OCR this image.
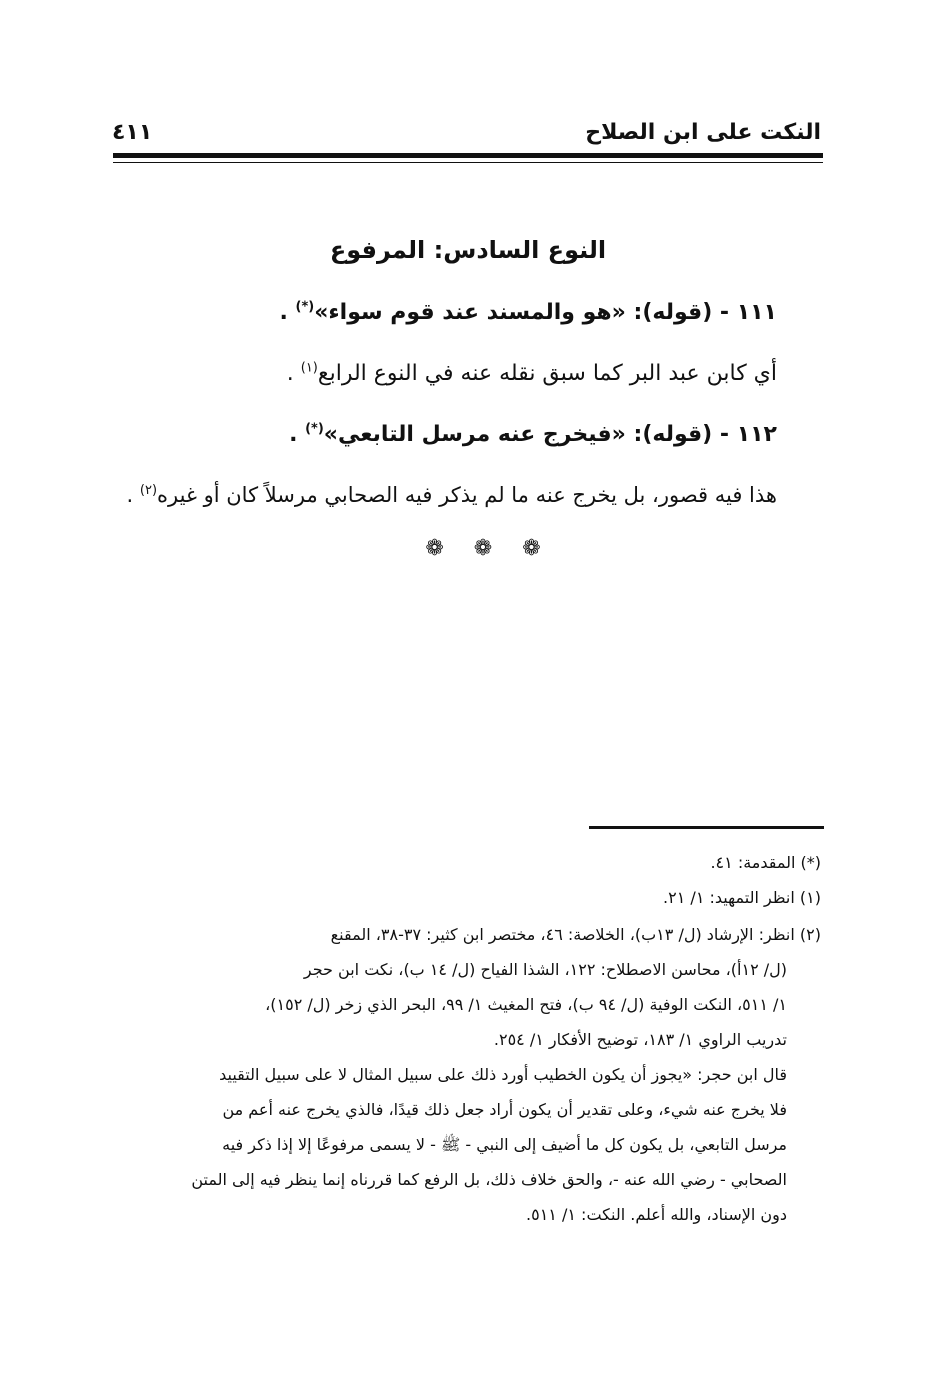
النكت على ابن الصلاح
٤١١
النوع السادس: المرفوع
١١١ - (قوله): «هو والمسند عند قوم سواء»(*) .
أي كابن عبد البر كما سبق نقله عنه في النوع الرابع$^{(١)}$ .
١١٢ - (قوله): «فيخرج عنه مرسل التابعي»(*) .
هذا فيه قصور، بل يخرج عنه ما لم يذكر فيه الصحابي مرسلاً كان أو غيره$^{(٢)}$ .
❁❁❁
(*) المقدمة: ٤١.
(١) انظر التمهيد: ١/ ٢١.
(٢) انظر: الإرشاد (ل/ ١٣ب)، الخلاصة: ٤٦، مختصر ابن كثير: ٣٧-٣٨، المقنع
(ل/ ١٢أ)، محاسن الاصطلاح: ١٢٢، الشذا الفياح (ل/ ١٤ ب)، نكت ابن حجر
١/ ٥١١، النكت الوفية (ل/ ٩٤ ب)، فتح المغيث ١/ ٩٩، البحر الذي زخر (ل/ ١٥٢)،
تدريب الراوي ١/ ١٨٣، توضيح الأفكار ١/ ٢٥٤.
قال ابن حجر: «يجوز أن يكون الخطيب أورد ذلك على سبيل المثال لا على سبيل التقييد
فلا يخرج عنه شيء، وعلى تقدير أن يكون أراد جعل ذلك قيدًا، فالذي يخرج عنه أعم من
مرسل التابعي، بل يكون كل ما أضيف إلى النبي - ﷺ - لا يسمى مرفوعًا إلا إذا ذكر فيه
الصحابي - رضي الله عنه -، والحق خلاف ذلك، بل الرفع كما قررناه إنما ينظر فيه إلى المتن
دون الإسناد، والله أعلم. النكت: ١/ ٥١١.
